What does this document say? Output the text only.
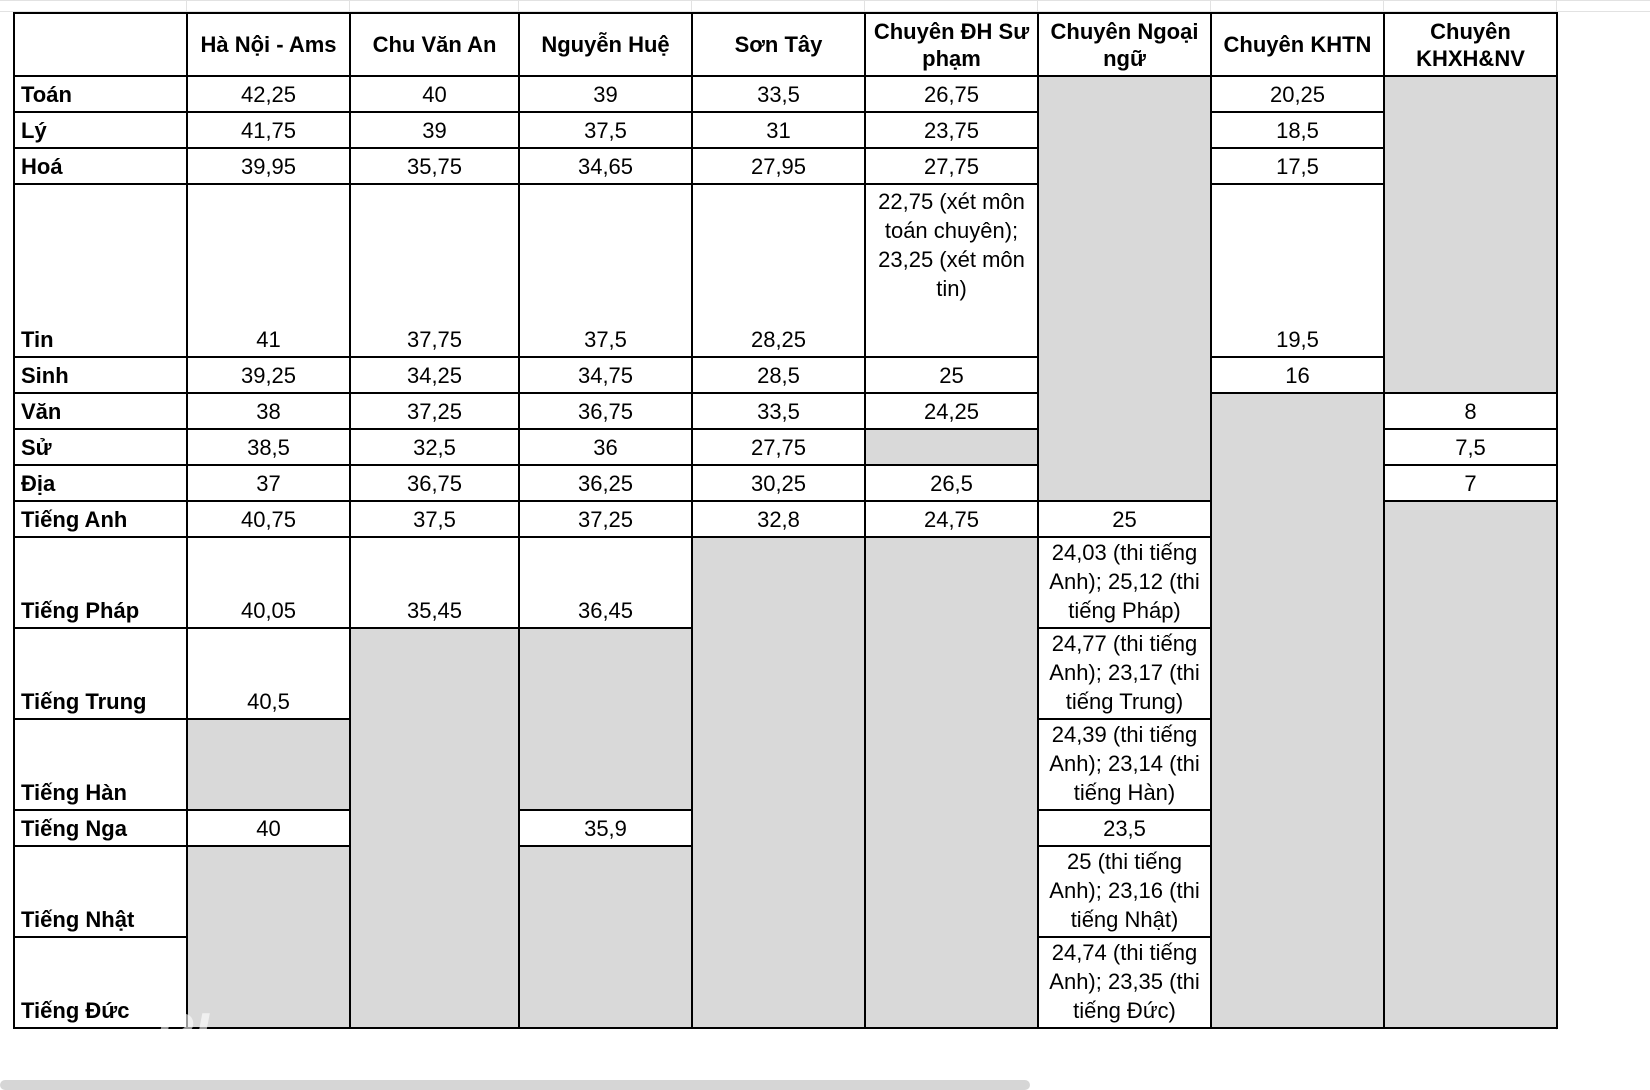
	Hà Nội - Ams	Chu Văn An	Nguyễn Huệ	Sơn Tây	Chuyên ĐH Sư phạm	Chuyên Ngoại ngữ	Chuyên KHTN	Chuyên KHXH&NV
Toán	42,25	40	39	33,5	26,75		20,25	
Lý	41,75	39	37,5	31	23,75		18,5	
Hoá	39,95	35,75	34,65	27,95	27,75		17,5	
Tin	41	37,75	37,5	28,25	22,75 (xét môn toán chuyên); 23,25 (xét môn tin)		19,5	
Sinh	39,25	34,25	34,75	28,5	25		16	
Văn	38	37,25	36,75	33,5	24,25			8
Sử	38,5	32,5	36	27,75				7,5
Địa	37	36,75	36,25	30,25	26,5			7
Tiếng Anh	40,75	37,5	37,25	32,8	24,75	25		
Tiếng Pháp	40,05	35,45	36,45			24,03 (thi tiếng Anh); 25,12 (thi tiếng Pháp)		
Tiếng Trung	40,5					24,77 (thi tiếng Anh); 23,17 (thi tiếng Trung)		
Tiếng Hàn						24,39 (thi tiếng Anh); 23,14 (thi tiếng Hàn)		
Tiếng Nga	40		35,9			23,5		
Tiếng Nhật						25 (thi tiếng Anh); 23,16 (thi tiếng Nhật)		
Tiếng Đức						24,74 (thi tiếng Anh); 23,35 (thi tiếng Đức)		
RI
